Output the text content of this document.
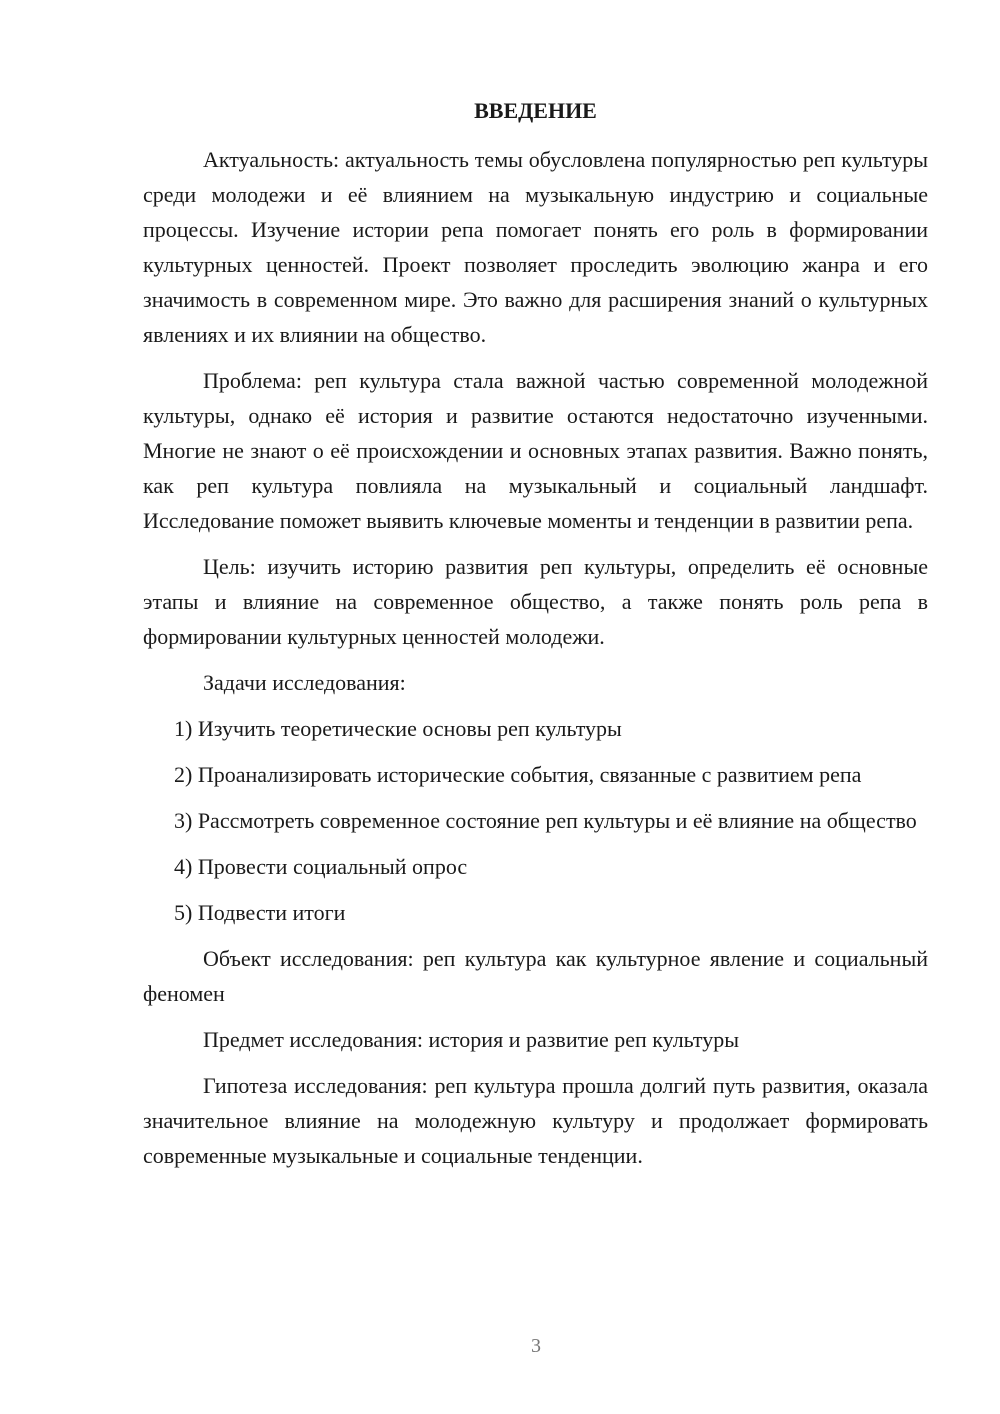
ВВЕДЕНИЕ

Актуальность: актуальность темы обусловлена популярностью реп культуры среди молодежи и её влиянием на музыкальную индустрию и социальные процессы. Изучение истории репа помогает понять его роль в формировании культурных ценностей. Проект позволяет проследить эволюцию жанра и его значимость в современном мире. Это важно для расширения знаний о культурных явлениях и их влиянии на общество.

Проблема: реп культура стала важной частью современной молодежной культуры, однако её история и развитие остаются недостаточно изученными. Многие не знают о её происхождении и основных этапах развития. Важно понять, как реп культура повлияла на музыкальный и социальный ландшафт. Исследование поможет выявить ключевые моменты и тенденции в развитии репа.

Цель: изучить историю развития реп культуры, определить её основные этапы и влияние на современное общество, а также понять роль репа в формировании культурных ценностей молодежи.

Задачи исследования:

1) Изучить теоретические основы реп культуры

2) Проанализировать исторические события, связанные с развитием репа

3) Рассмотреть современное состояние реп культуры и её влияние на общество

4) Провести социальный опрос

5) Подвести итоги

Объект исследования: реп культура как культурное явление и социальный феномен

Предмет исследования: история и развитие реп культуры

Гипотеза исследования: реп культура прошла долгий путь развития, оказала значительное влияние на молодежную культуру и продолжает формировать современные музыкальные и социальные тенденции.

3
